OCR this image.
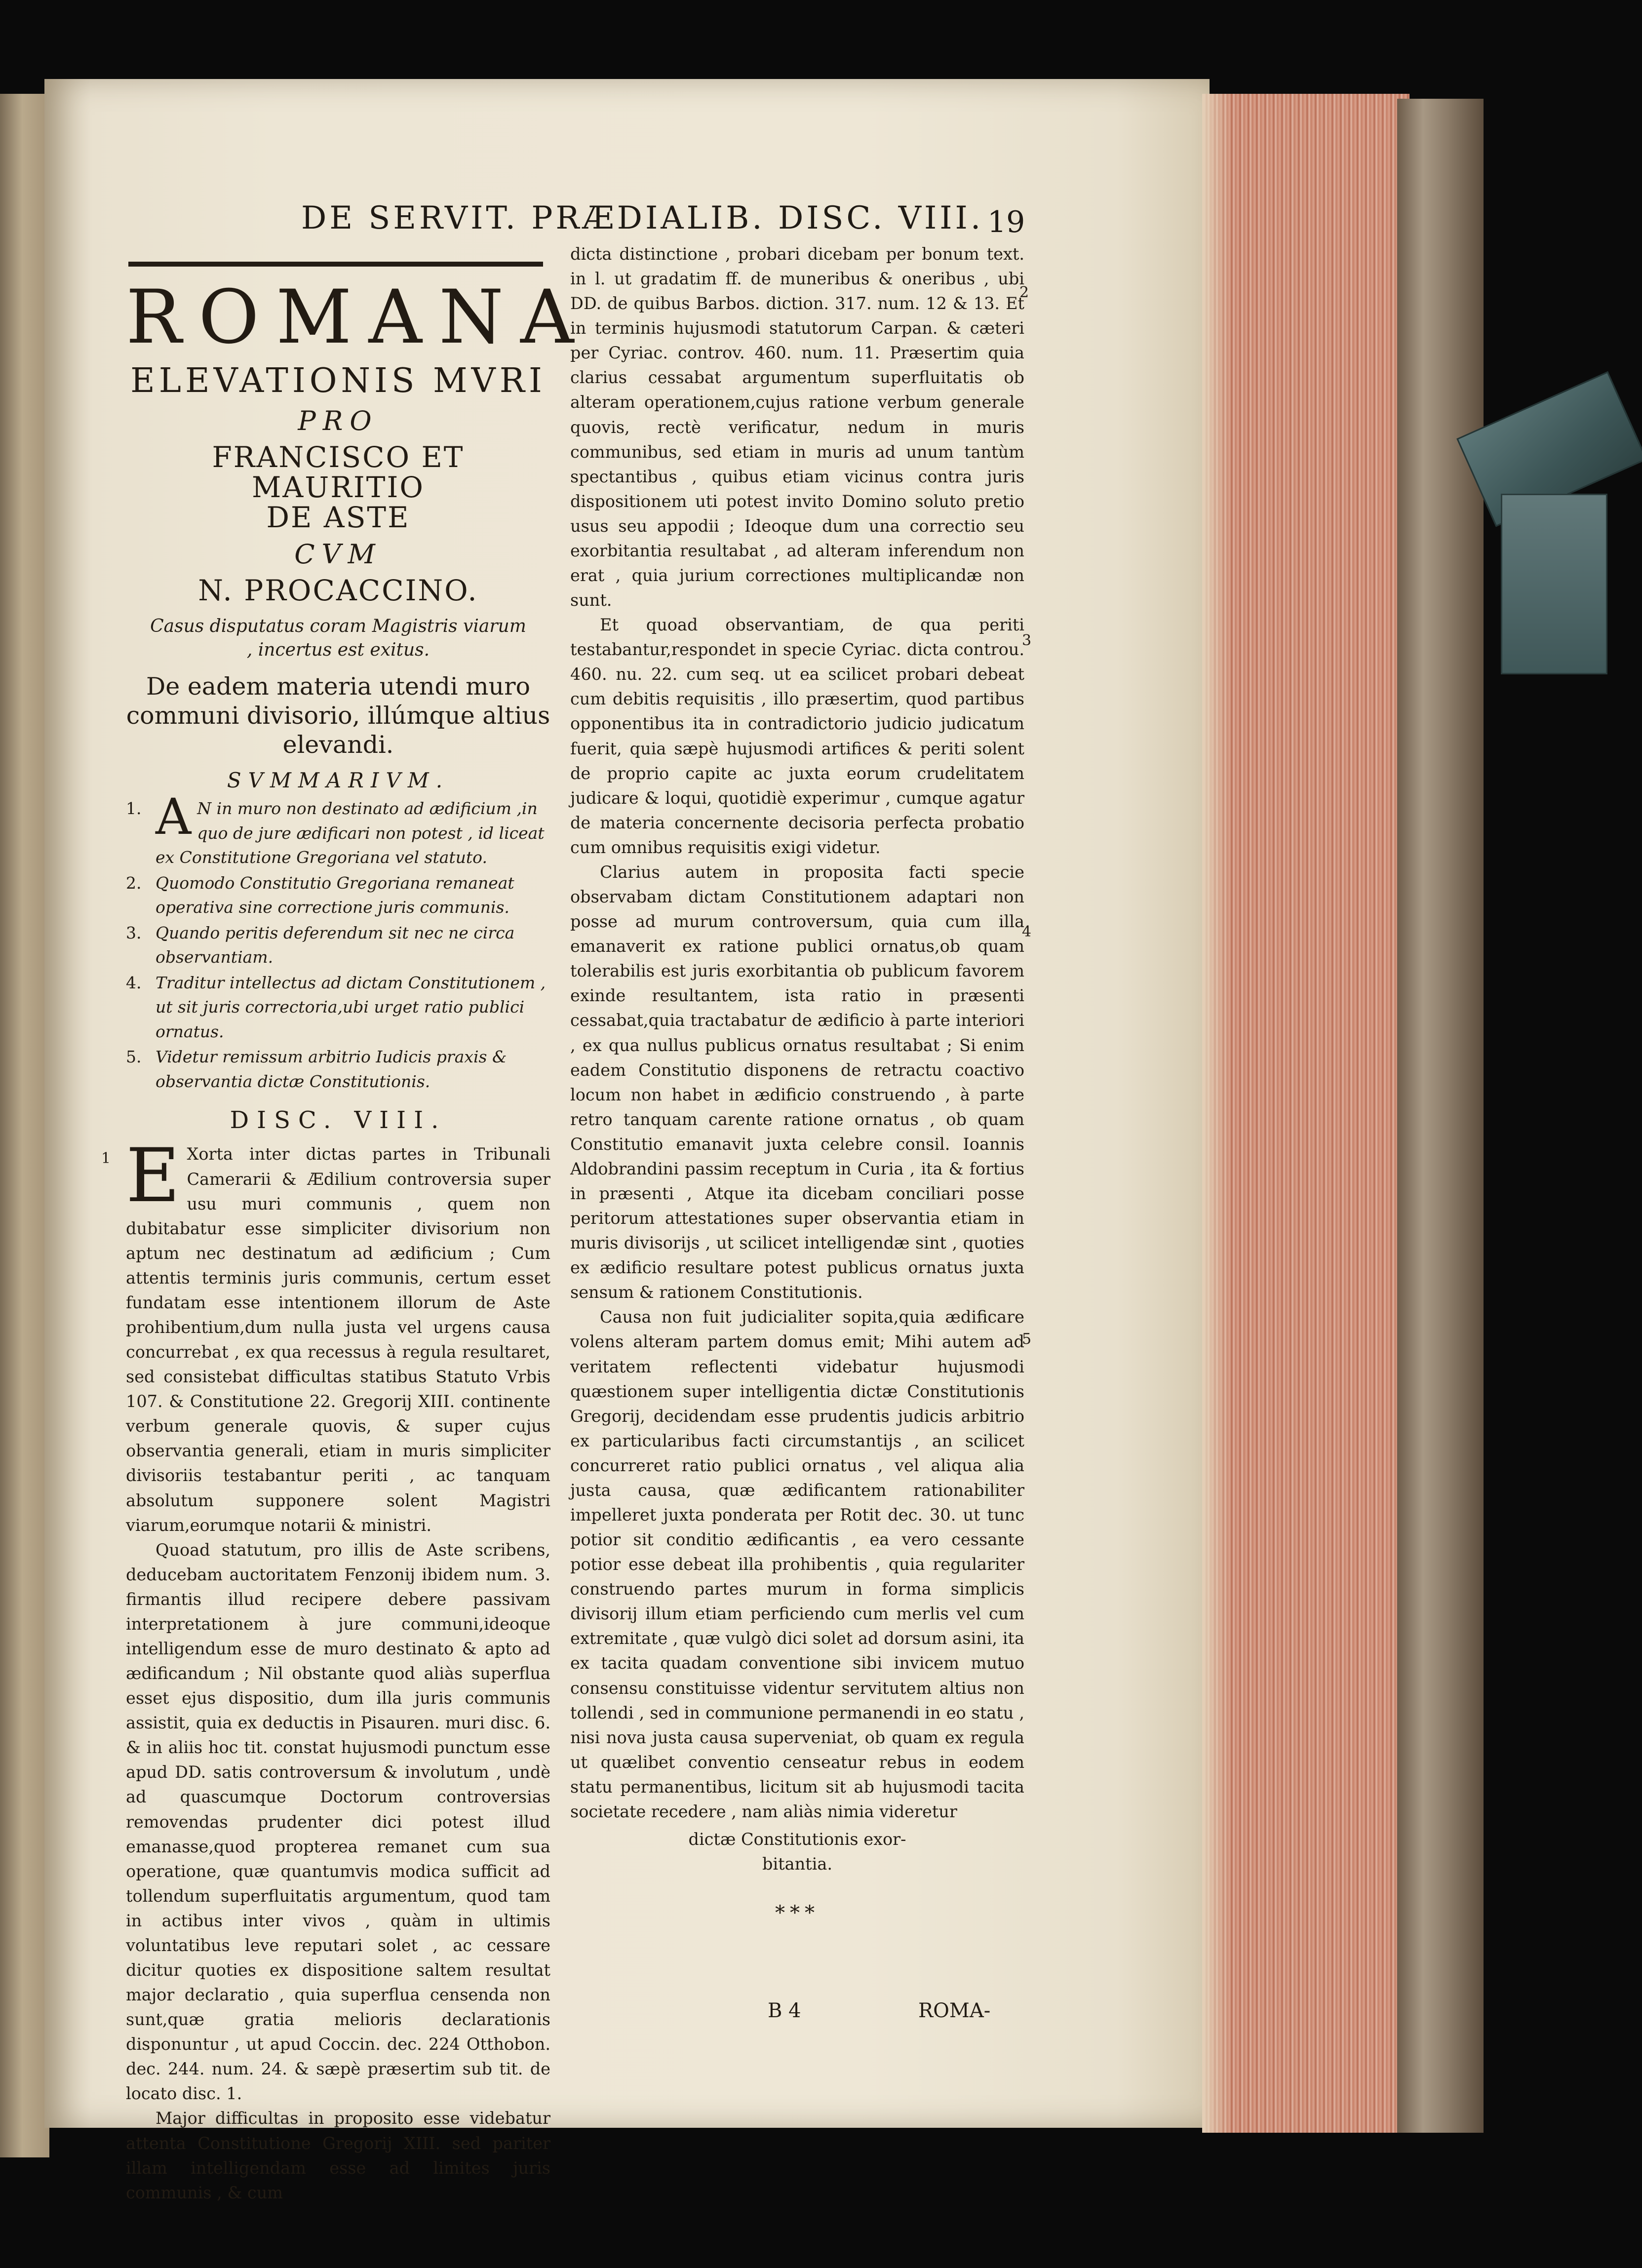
DE SERVIT. PRÆDIALIB. DISC. VIII. 19
ROMANA
ELEVATIONIS MVRI
PRO
FRANCISCO ET MAURITIO
DE ASTE
CVM
N. PROCACCINO.
Casus disputatus coram Magistris viarum , incertus est exitus.
De eadem materia utendi muro communi divisorio, illúmque altius elevandi.
SVMMARIVM.
1. A N in muro non destinato ad ædificium ,in quo de jure ædificari non potest , id liceat ex Constitutione Gregoriana vel statuto.
2. Quomodo Constitutio Gregoriana remaneat operativa sine correctione juris communis.
3. Quando peritis deferendum sit nec ne circa observantiam.
4. Traditur intellectus ad dictam Constitutionem , ut sit juris correctoria,ubi urget ratio publici ornatus.
5. Videtur remissum arbitrio Iudicis praxis & observantia dictæ Constitutionis.
DISC. VIII.
1 E Xorta inter dictas partes in Tribunali Camerarii & Ædilium controversia super usu muri communis , quem non dubitabatur esse simpliciter divisorium non aptum nec destinatum ad ædificium ; Cum attentis terminis juris communis, certum esset fundatam esse intentionem illorum de Aste prohibentium,dum nulla justa vel urgens causa concurrebat , ex qua recessus à regula resultaret, sed consistebat difficultas statibus Statuto Vrbis 107. & Constitutione 22. Gregorij XIII. continente verbum generale quovis, & super cujus observantia generali, etiam in muris simpliciter divisoriis testabantur periti , ac tanquam absolutum supponere solent Magistri viarum,eorumque notarii & ministri.

Quoad statutum, pro illis de Aste scribens, deducebam auctoritatem Fenzonij ibidem num. 3. firmantis illud recipere debere passivam interpretationem à jure communi,ideoque intelligendum esse de muro destinato & apto ad ædificandum ; Nil obstante quod aliàs superflua esset ejus dispositio, dum illa juris communis assistit, quia ex deductis in Pisauren. muri disc. 6. & in aliis hoc tit. constat hujusmodi punctum esse apud DD. satis controversum & involutum , undè ad quascumque Doctorum controversias removendas prudenter dici potest illud emanasse,quod propterea remanet cum sua operatione, quæ quantumvis modica sufficit ad tollendum superfluitatis argumentum, quod tam in actibus inter vivos , quàm in ultimis voluntatibus leve reputari solet , ac cessare dicitur quoties ex dispositione saltem resultat major declaratio , quia superflua censenda non sunt,quæ gratia melioris declarationis disponuntur , ut apud Coccin. dec. 224 Otthobon. dec. 244. num. 24. & sæpè præsertim sub tit. de locato disc. 1.

Major difficultas in proposito esse videbatur attenta Constitutione Gregorij XIII. sed pariter illam intelligendam esse ad limites juris communis , & cum

dicta distinctione , probari dicebam per bonum text. in l. ut gradatim ff. de muneribus & oneribus , ubi DD. de quibus Barbos. diction. 317. num. 12 & 13. Et in terminis hujusmodi statutorum Carpan. & cæteri per Cyriac. controv. 460. num. 11. Præsertim quia clarius cessabat argumentum superfluitatis ob alteram operationem,cujus ratione verbum generale quovis, rectè verificatur, nedum in muris communibus, sed etiam in muris ad unum tantùm spectantibus , quibus etiam vicinus contra juris dispositionem uti potest invito Domino soluto pretio usus seu appodii ; Ideoque dum una correctio seu exorbitantia resultabat , ad alteram inferendum non erat , quia jurium correctiones multiplicandæ non sunt.

Et quoad observantiam, de qua periti testabantur,respondet in specie Cyriac. dicta controu. 460. nu. 22. cum seq. ut ea scilicet probari debeat cum debitis requisitis , illo præsertim, quod partibus opponentibus ita in contradictorio judicio judicatum fuerit, quia sæpè hujusmodi artifices & periti solent de proprio capite ac juxta eorum crudelitatem judicare & loqui, quotidiè experimur , cumque agatur de materia concernente decisoria perfecta probatio cum omnibus requisitis exigi videtur.

Clarius autem in proposita facti specie observabam dictam Constitutionem adaptari non posse ad murum controversum, quia cum illa emanaverit ex ratione publici ornatus,ob quam tolerabilis est juris exorbitantia ob publicum favorem exinde resultantem, ista ratio in præsenti cessabat,quia tractabatur de ædificio à parte interiori , ex qua nullus publicus ornatus resultabat ; Si enim eadem Constitutio disponens de retractu coactivo locum non habet in ædificio construendo , à parte retro tanquam carente ratione ornatus , ob quam Constitutio emanavit juxta celebre consil. Ioannis Aldobrandini passim receptum in Curia , ita & fortius in præsenti , Atque ita dicebam conciliari posse peritorum attestationes super observantia etiam in muris divisorijs , ut scilicet intelligendæ sint , quoties ex ædificio resultare potest publicus ornatus juxta sensum & rationem Constitutionis.

Causa non fuit judicialiter sopita,quia ædificare volens alteram partem domus emit; Mihi autem ad veritatem reflectenti videbatur hujusmodi quæstionem super intelligentia dictæ Constitutionis Gregorij, decidendam esse prudentis judicis arbitrio ex particularibus facti circumstantijs , an scilicet concurreret ratio publici ornatus , vel aliqua alia justa causa, quæ ædificantem rationabiliter impelleret juxta ponderata per Rotit dec. 30. ut tunc potior sit conditio ædificantis , ea vero cessante potior esse debeat illa prohibentis , quia regulariter construendo partes murum in forma simplicis divisorij illum etiam perficiendo cum merlis vel cum extremitate , quæ vulgò dici solet ad dorsum asini, ita ex tacita quadam conventione sibi invicem mutuo consensu constituisse videntur servitutem altius non tollendi , sed in communione permanendi in eo statu , nisi nova justa causa superveniat, ob quam ex regula ut quælibet conventio censeatur rebus in eodem statu permanentibus, licitum sit ab hujusmodi tacita societate recedere , nam aliàs nimia videretur

dictæ Constitutionis exor-
bitantia.
***
2
3
4
5
B 4	ROMA-
